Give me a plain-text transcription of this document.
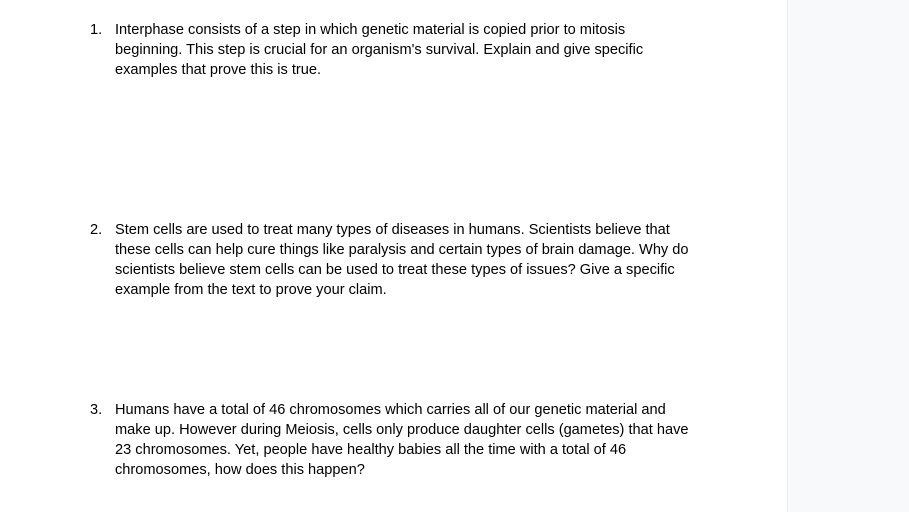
1. Interphase consists of a step in which genetic material is copied prior to mitosis beginning. This step is crucial for an organism's survival. Explain and give specific examples that prove this is true.
2. Stem cells are used to treat many types of diseases in humans. Scientists believe that these cells can help cure things like paralysis and certain types of brain damage. Why do scientists believe stem cells can be used to treat these types of issues? Give a specific example from the text to prove your claim.
3. Humans have a total of 46 chromosomes which carries all of our genetic material and make up. However during Meiosis, cells only produce daughter cells (gametes) that have 23 chromosomes. Yet, people have healthy babies all the time with a total of 46 chromosomes, how does this happen?
